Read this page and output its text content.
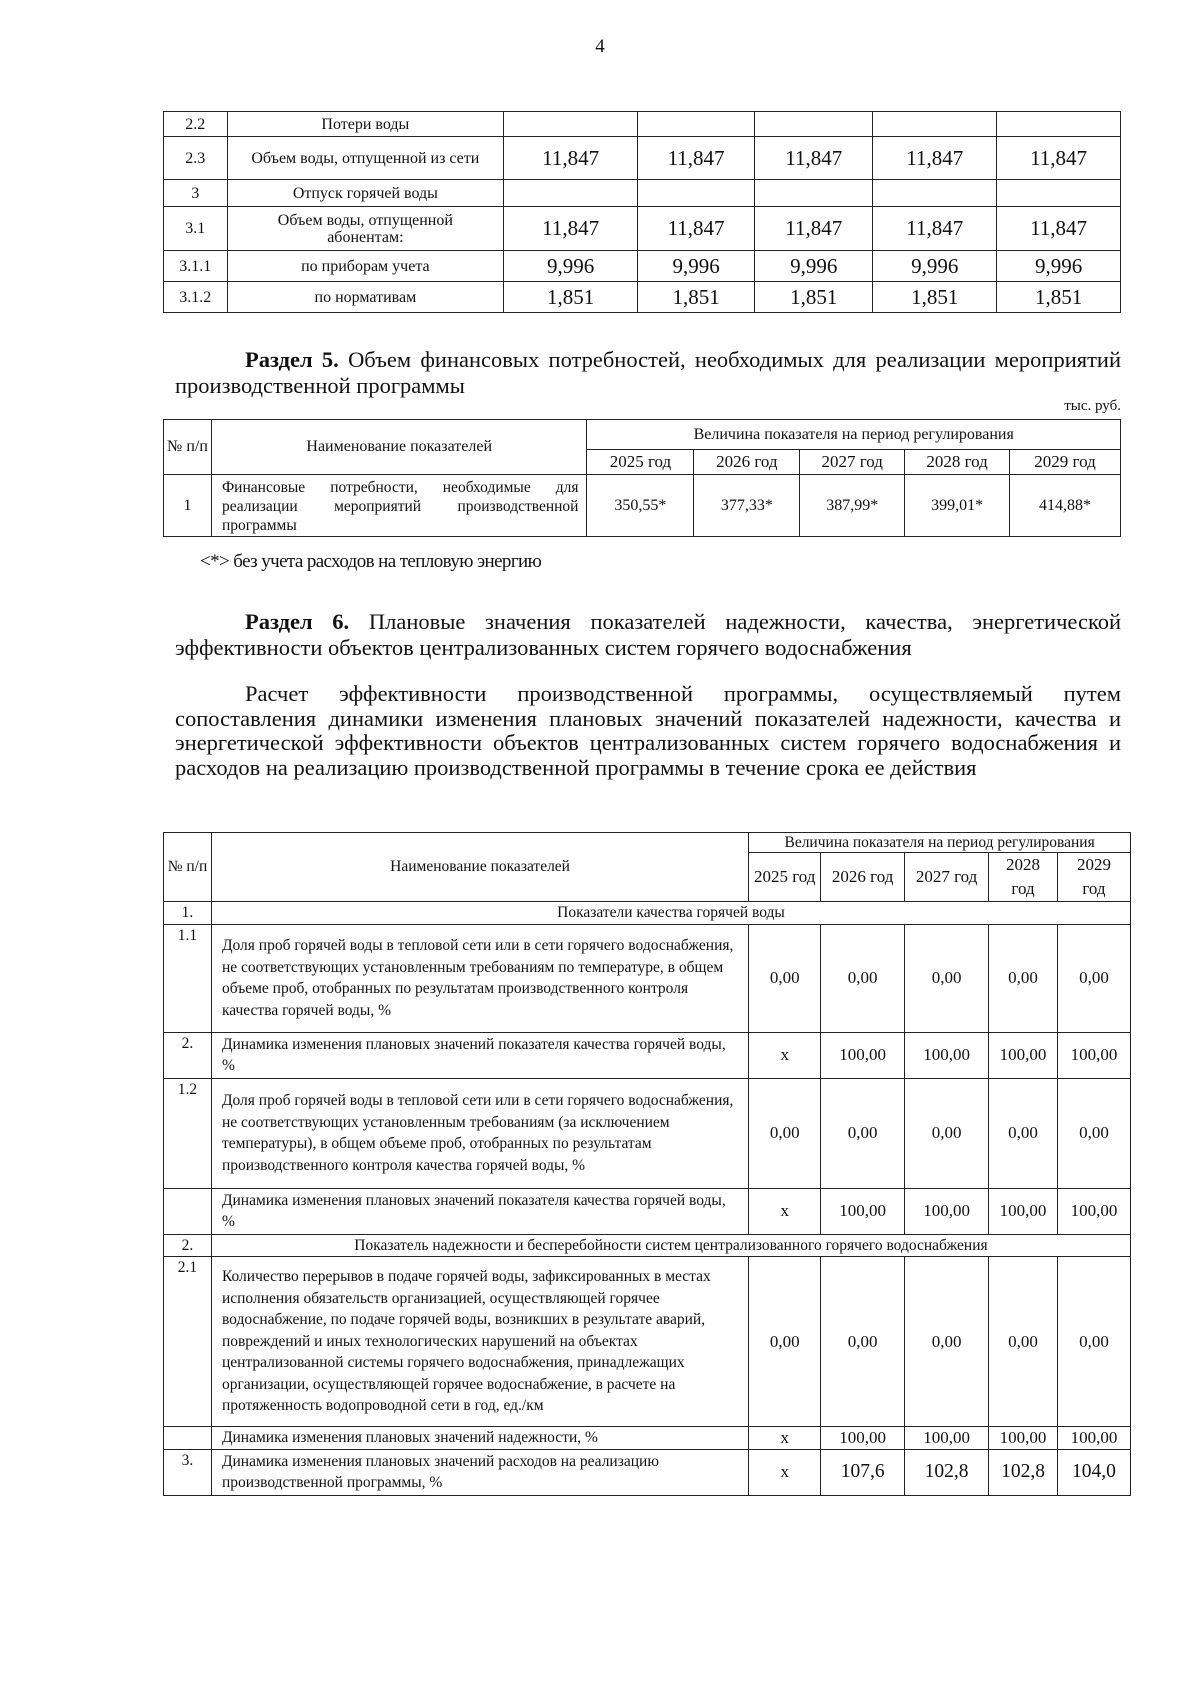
4
2.2	Потери воды					
2.3	Объем воды, отпущенной из сети	11,847	11,847	11,847	11,847	11,847
3	Отпуск горячей воды					
3.1	Объем воды, отпущенной абонентам:	11,847	11,847	11,847	11,847	11,847
3.1.1	по приборам учета	9,996	9,996	9,996	9,996	9,996
3.1.2	по нормативам	1,851	1,851	1,851	1,851	1,851
Раздел 5. Объем финансовых потребностей, необходимых для реализации мероприятий производственной программы
тыс. руб.
№ п/п	Наименование показателей	Величина показателя на период регулирования				
		2025 год	2026 год	2027 год	2028 год	2029 год
1	Финансовые потребности, необходимые для реализации мероприятий производственной программы	350,55*	377,33*	387,99*	399,01*	414,88*
<*> без учета расходов на тепловую энергию
Раздел 6. Плановые значения показателей надежности, качества, энергетической эффективности объектов централизованных систем горячего водоснабжения
Расчет эффективности производственной программы, осуществляемый путем сопоставления динамики изменения плановых значений показателей надежности, качества и энергетической эффективности объектов централизованных систем горячего водоснабжения и расходов на реализацию производственной программы в течение срока ее действия
№ п/п	Наименование показателей	Величина показателя на период регулирования				
		2025 год	2026 год	2027 год	2028 год	2029 год
1.	Показатели качества горячей воды					
1.1	Доля проб горячей воды в тепловой сети или в сети горячего водоснабжения, не соответствующих установленным требованиям по температуре, в общем объеме проб, отобранных по результатам производственного контроля качества горячей воды, %	0,00	0,00	0,00	0,00	0,00
2.	Динамика изменения плановых значений показателя качества горячей воды, %	x	100,00	100,00	100,00	100,00
1.2	Доля проб горячей воды в тепловой сети или в сети горячего водоснабжения, не соответствующих установленным требованиям (за исключением температуры), в общем объеме проб, отобранных по результатам производственного контроля качества горячей воды, %	0,00	0,00	0,00	0,00	0,00
	Динамика изменения плановых значений показателя качества горячей воды, %	x	100,00	100,00	100,00	100,00
2.	Показатель надежности и бесперебойности систем централизованного горячего водоснабжения					
2.1	Количество перерывов в подаче горячей воды, зафиксированных в местах исполнения обязательств организацией, осуществляющей горячее водоснабжение, по подаче горячей воды, возникших в результате аварий, повреждений и иных технологических нарушений на объектах централизованной системы горячего водоснабжения, принадлежащих организации, осуществляющей горячее водоснабжение, в расчете на протяженность водопроводной сети в год, ед./км	0,00	0,00	0,00	0,00	0,00
	Динамика изменения плановых значений надежности, %	x	100,00	100,00	100,00	100,00
3.	Динамика изменения плановых значений расходов на реализацию производственной программы, %	x	107,6	102,8	102,8	104,0
